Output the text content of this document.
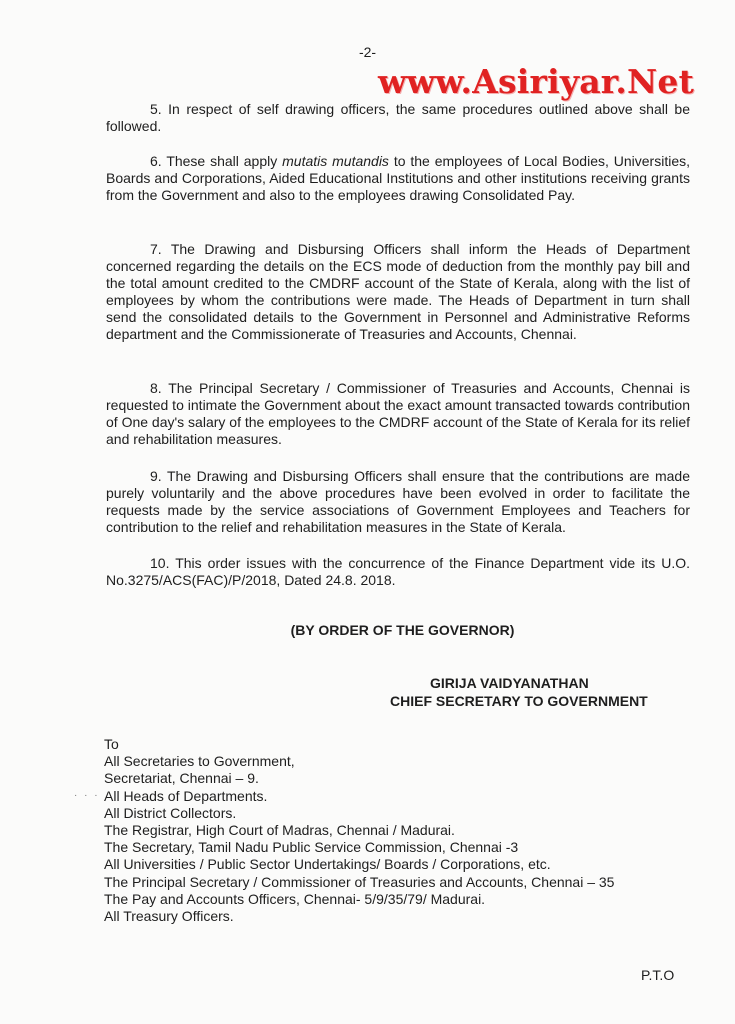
-2-
www.Asiriyar.Net

5. In respect of self drawing officers, the same procedures outlined above shall be followed.

6. These shall apply mutatis mutandis to the employees of Local Bodies, Universities, Boards and Corporations, Aided Educational Institutions and other institutions receiving grants from the Government and also to the employees drawing Consolidated Pay.

7. The Drawing and Disbursing Officers shall inform the Heads of Department concerned regarding the details on the ECS mode of deduction from the monthly pay bill and the total amount credited to the CMDRF account of the State of Kerala, along with the list of employees by whom the contributions were made. The Heads of Department in turn shall send the consolidated details to the Government in Personnel and Administrative Reforms department and the Commissionerate of Treasuries and Accounts, Chennai.

8. The Principal Secretary / Commissioner of Treasuries and Accounts, Chennai is requested to intimate the Government about the exact amount transacted towards contribution of One day's salary of the employees to the CMDRF account of the State of Kerala for its relief and rehabilitation measures.

9. The Drawing and Disbursing Officers shall ensure that the contributions are made purely voluntarily and the above procedures have been evolved in order to facilitate the requests made by the service associations of Government Employees and Teachers for contribution to the relief and rehabilitation measures in the State of Kerala.

10. This order issues with the concurrence of the Finance Department vide its U.O. No.3275/ACS(FAC)/P/2018, Dated 24.8. 2018.

(BY ORDER OF THE GOVERNOR)
GIRIJA VAIDYANATHAN
CHIEF SECRETARY TO GOVERNMENT
· · ·
To
All Secretaries to Government,
Secretariat, Chennai – 9.
All Heads of Departments.
All District Collectors.
The Registrar, High Court of Madras, Chennai / Madurai.
The Secretary, Tamil Nadu Public Service Commission, Chennai -3
All Universities / Public Sector Undertakings/ Boards / Corporations, etc.
The Principal Secretary / Commissioner of Treasuries and Accounts, Chennai – 35
The Pay and Accounts Officers, Chennai- 5/9/35/79/ Madurai.
All Treasury Officers.
P.T.O
